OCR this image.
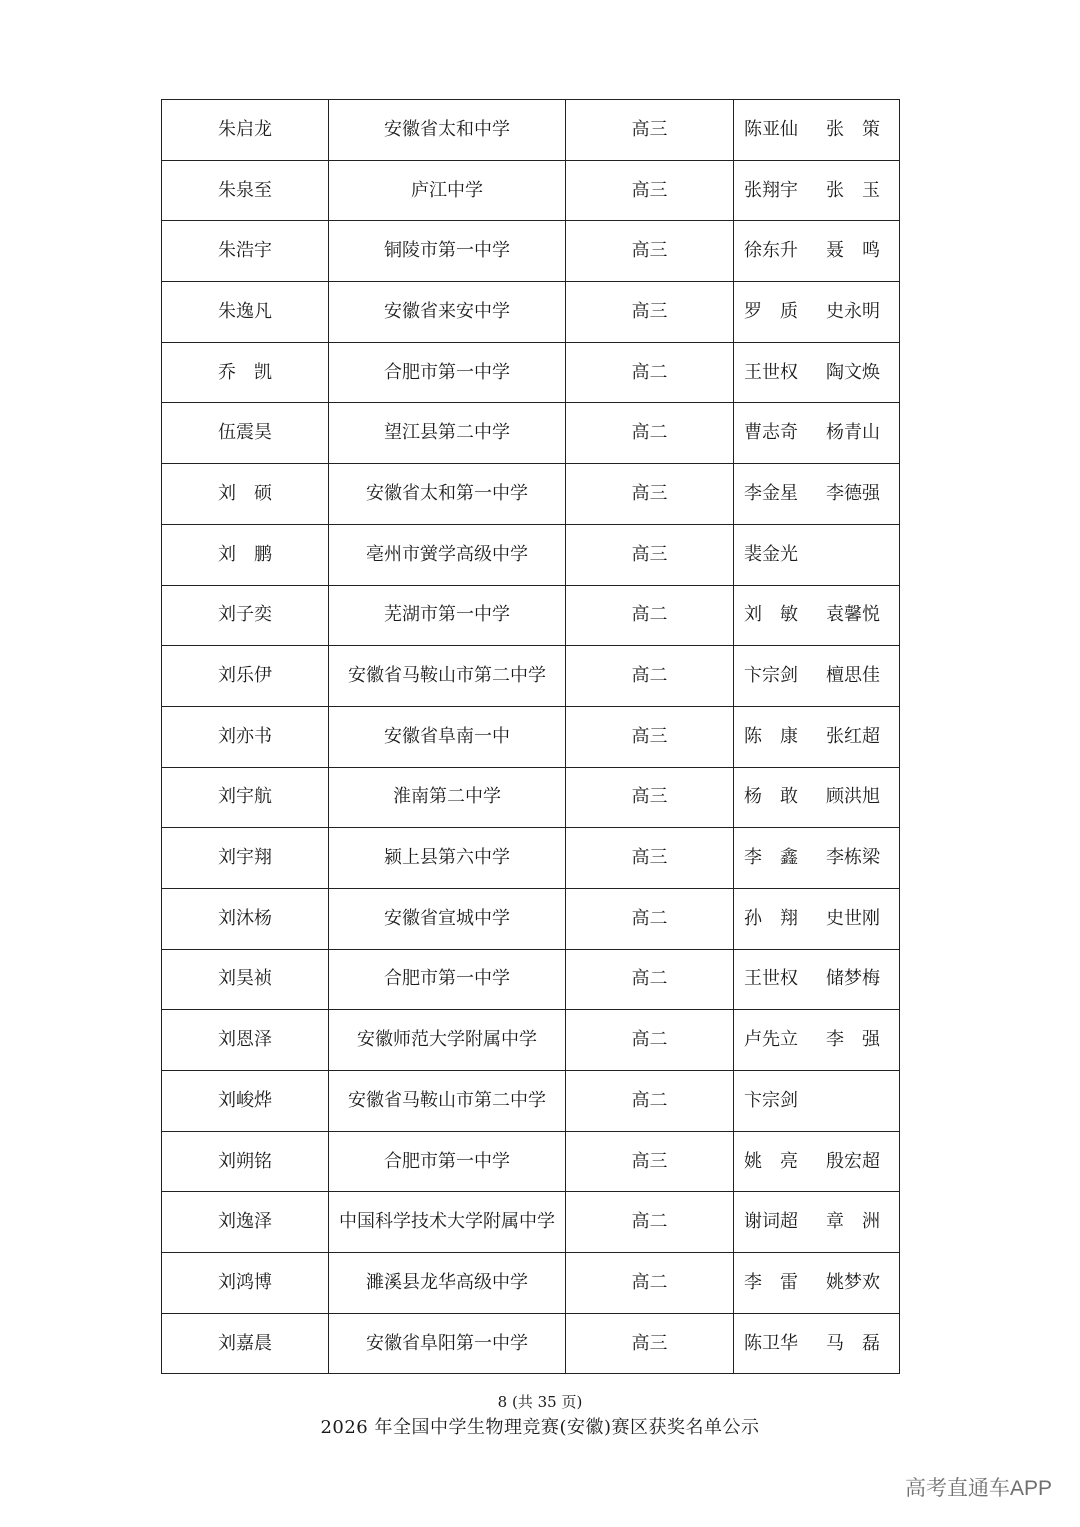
朱启龙	安徽省太和中学	高三	陈亚仙 张　策
朱泉至	庐江中学	高三	张翔宇 张　玉
朱浩宇	铜陵市第一中学	高三	徐东升 聂　鸣
朱逸凡	安徽省来安中学	高三	罗　质 史永明
乔　凯	合肥市第一中学	高二	王世权 陶文焕
伍震昊	望江县第二中学	高二	曹志奇 杨青山
刘　硕	安徽省太和第一中学	高三	李金星 李德强
刘　鹏	亳州市黉学高级中学	高三	裴金光
刘子奕	芜湖市第一中学	高二	刘　敏 袁馨悦
刘乐伊	安徽省马鞍山市第二中学	高二	卞宗剑 檀思佳
刘亦书	安徽省阜南一中	高三	陈　康 张红超
刘宇航	淮南第二中学	高三	杨　敢 顾洪旭
刘宇翔	颍上县第六中学	高三	李　鑫 李栋梁
刘沐杨	安徽省宣城中学	高二	孙　翔 史世刚
刘昊祯	合肥市第一中学	高二	王世权 储梦梅
刘恩泽	安徽师范大学附属中学	高二	卢先立 李　强
刘峻烨	安徽省马鞍山市第二中学	高二	卞宗剑
刘朔铭	合肥市第一中学	高三	姚　亮 殷宏超
刘逸泽	中国科学技术大学附属中学	高二	谢词超 章　洲
刘鸿博	濉溪县龙华高级中学	高二	李　雷 姚梦欢
刘嘉晨	安徽省阜阳第一中学	高三	陈卫华 马　磊
8 (共 35 页)
2026 年全国中学生物理竞赛(安徽)赛区获奖名单公示
高考直通车APP
